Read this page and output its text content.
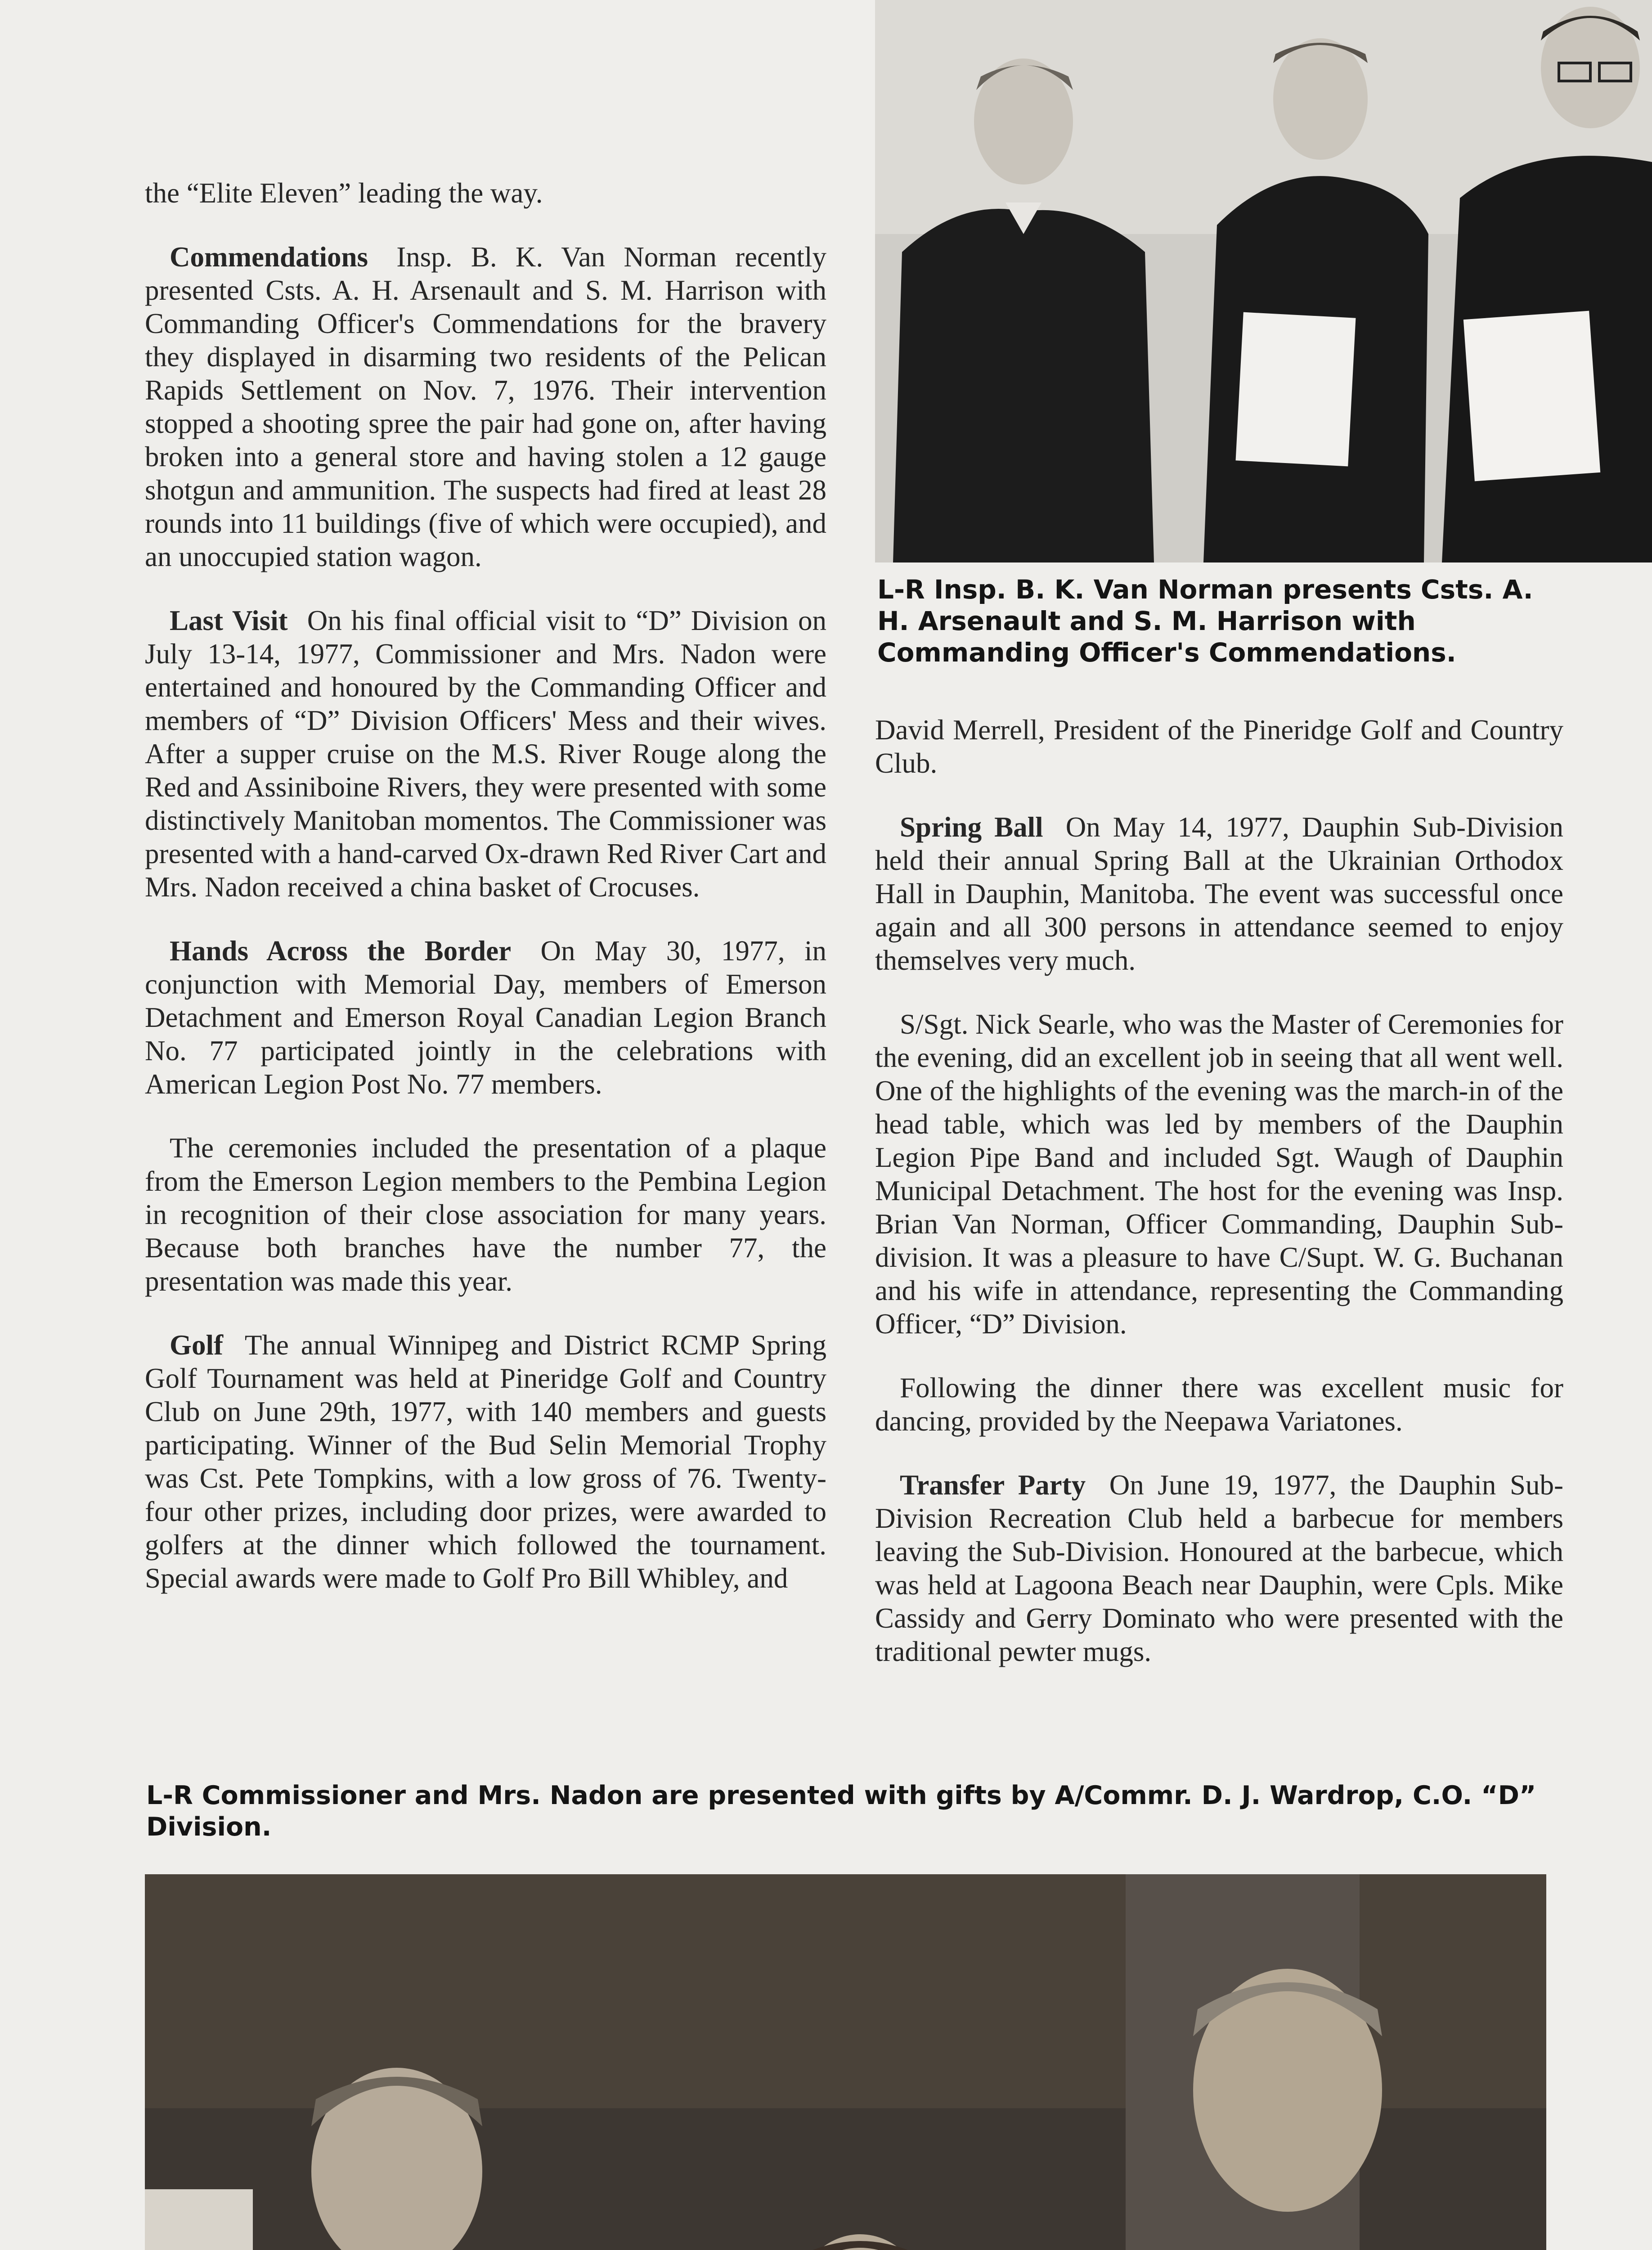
L-R Insp. B. K. Van Norman presents Csts. A. H. Arsenault and S. M. Harrison with Commanding Officer's Commendations.

the “Elite Eleven” leading the way.

Commendations Insp. B. K. Van Norman recently presented Csts. A. H. Arsenault and S. M. Harrison with Commanding Officer's Commendations for the bravery they displayed in disarming two residents of the Pelican Rapids Settlement on Nov. 7, 1976. Their intervention stopped a shooting spree the pair had gone on, after having broken into a general store and having stolen a 12 gauge shotgun and ammunition. The suspects had fired at least 28 rounds into 11 buildings (five of which were occupied), and an unoccupied station wagon.

Last Visit On his final official visit to “D” Division on July 13-14, 1977, Commissioner and Mrs. Nadon were entertained and honoured by the Commanding Officer and members of “D” Division Officers' Mess and their wives. After a supper cruise on the M.S. River Rouge along the Red and Assiniboine Rivers, they were presented with some distinctively Manitoban momentos. The Commissioner was presented with a hand-carved Ox-drawn Red River Cart and Mrs. Nadon received a china basket of Crocuses.

Hands Across the Border On May 30, 1977, in conjunction with Memorial Day, members of Emerson Detachment and Emerson Royal Canadian Legion Branch No. 77 participated jointly in the celebrations with American Legion Post No. 77 members.

The ceremonies included the presentation of a plaque from the Emerson Legion members to the Pembina Legion in recognition of their close association for many years. Because both branches have the number 77, the presentation was made this year.

Golf The annual Winnipeg and District RCMP Spring Golf Tournament was held at Pineridge Golf and Country Club on June 29th, 1977, with 140 members and guests participating. Winner of the Bud Selin Memorial Trophy was Cst. Pete Tompkins, with a low gross of 76. Twenty-four other prizes, including door prizes, were awarded to golfers at the dinner which followed the tournament. Special awards were made to Golf Pro Bill Whibley, and

David Merrell, President of the Pineridge Golf and Country Club.

Spring Ball On May 14, 1977, Dauphin Sub-Division held their annual Spring Ball at the Ukrainian Orthodox Hall in Dauphin, Manitoba. The event was successful once again and all 300 persons in attendance seemed to enjoy themselves very much.

S/Sgt. Nick Searle, who was the Master of Ceremonies for the evening, did an excellent job in seeing that all went well. One of the highlights of the evening was the march-in of the head table, which was led by members of the Dauphin Legion Pipe Band and included Sgt. Waugh of Dauphin Municipal Detachment. The host for the evening was Insp. Brian Van Norman, Officer Commanding, Dauphin Sub-division. It was a pleasure to have C/Supt. W. G. Buchanan and his wife in attendance, representing the Commanding Officer, “D” Division.

Following the dinner there was excellent music for dancing, provided by the Neepawa Variatones.

Transfer Party On June 19, 1977, the Dauphin Sub-Division Recreation Club held a barbecue for members leaving the Sub-Division. Honoured at the barbecue, which was held at Lagoona Beach near Dauphin, were Cpls. Mike Cassidy and Gerry Dominato who were presented with the traditional pewter mugs.

L-R Commissioner and Mrs. Nadon are presented with gifts by A/Commr. D. J. Wardrop, C.O. “D” Division.
